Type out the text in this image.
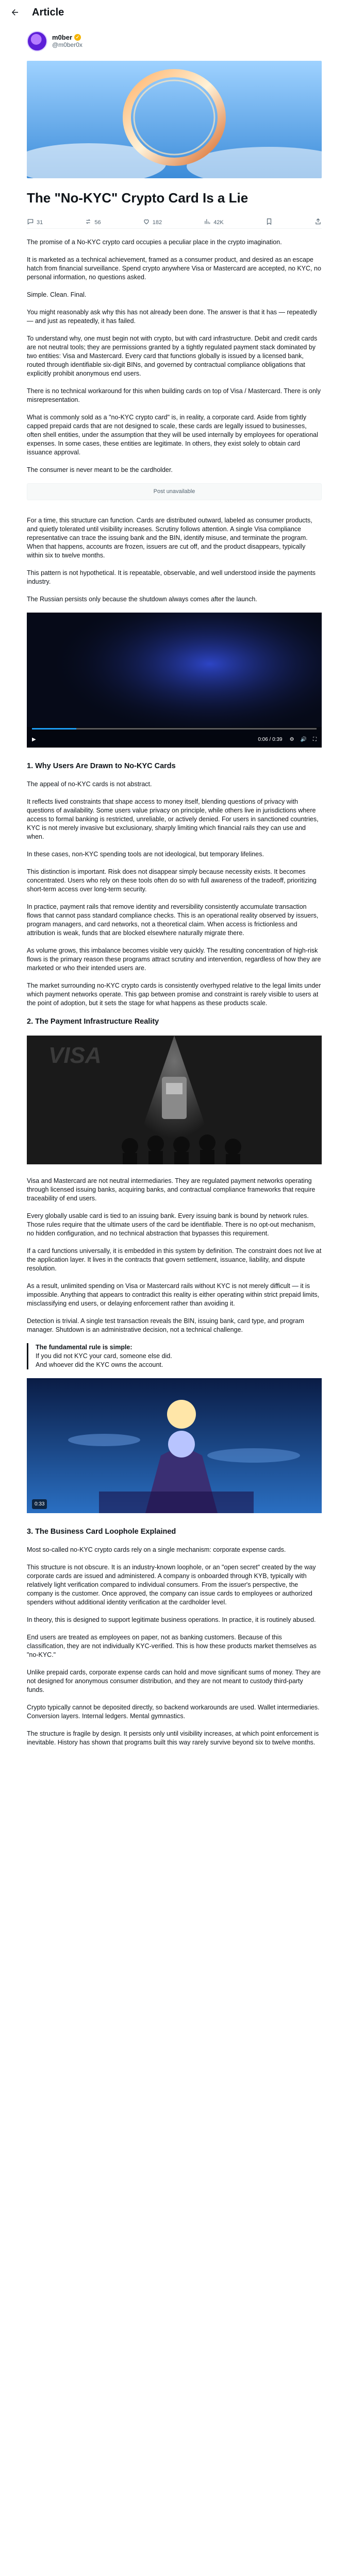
Article
m0ber ✓
@m0ber0x
The "No-KYC" Crypto Card Is a Lie
31	56	182	42K

The promise of a No-KYC crypto card occupies a peculiar place in the crypto imagination.

It is marketed as a technical achievement, framed as a consumer product, and desired as an escape hatch from financial surveillance. Spend crypto anywhere Visa or Mastercard are accepted, no KYC, no personal information, no questions asked.

Simple. Clean. Final.

You might reasonably ask why this has not already been done. The answer is that it has — repeatedly — and just as repeatedly, it has failed.

To understand why, one must begin not with crypto, but with card infrastructure. Debit and credit cards are not neutral tools; they are permissions granted by a tightly regulated payment stack dominated by two entities: Visa and Mastercard. Every card that functions globally is issued by a licensed bank, routed through identifiable six-digit BINs, and governed by contractual compliance obligations that explicitly prohibit anonymous end users.

There is no technical workaround for this when building cards on top of Visa / Mastercard. There is only misrepresentation.

What is commonly sold as a "no-KYC crypto card" is, in reality, a corporate card. Aside from tightly capped prepaid cards that are not designed to scale, these cards are legally issued to businesses, often shell entities, under the assumption that they will be used internally by employees for operational expenses. In some cases, these entities are legitimate. In others, they exist solely to obtain card issuance approval.

The consumer is never meant to be the cardholder.

Post unavailable

For a time, this structure can function. Cards are distributed outward, labeled as consumer products, and quietly tolerated until visibility increases. Scrutiny follows attention. A single Visa compliance representative can trace the issuing bank and the BIN, identify misuse, and terminate the program. When that happens, accounts are frozen, issuers are cut off, and the product disappears, typically within six to twelve months.

This pattern is not hypothetical. It is repeatable, observable, and well understood inside the payments industry.

The Russian persists only because the shutdown always comes after the launch.

▶	0:06 / 0:39 ⚙ 🔊 ⛶
1. Why Users Are Drawn to No-KYC Cards

The appeal of no-KYC cards is not abstract.

It reflects lived constraints that shape access to money itself, blending questions of privacy with questions of availability. Some users value privacy on principle, while others live in jurisdictions where access to formal banking is restricted, unreliable, or actively denied. For users in sanctioned countries, KYC is not merely invasive but exclusionary, sharply limiting which financial rails they can use and when.

In these cases, non-KYC spending tools are not ideological, but temporary lifelines.

This distinction is important. Risk does not disappear simply because necessity exists. It becomes concentrated. Users who rely on these tools often do so with full awareness of the tradeoff, prioritizing short-term access over long-term security.

In practice, payment rails that remove identity and reversibility consistently accumulate transaction flows that cannot pass standard compliance checks. This is an operational reality observed by issuers, program managers, and card networks, not a theoretical claim. When access is frictionless and attribution is weak, funds that are blocked elsewhere naturally migrate there.

As volume grows, this imbalance becomes visible very quickly. The resulting concentration of high-risk flows is the primary reason these programs attract scrutiny and intervention, regardless of how they are marketed or who their intended users are.

The market surrounding no-KYC crypto cards is consistently overhyped relative to the legal limits under which payment networks operate. This gap between promise and constraint is rarely visible to users at the point of adoption, but it sets the stage for what happens as these products scale.

2. The Payment Infrastructure Reality
VISA

Visa and Mastercard are not neutral intermediaries. They are regulated payment networks operating through licensed issuing banks, acquiring banks, and contractual compliance frameworks that require traceability of end users.

Every globally usable card is tied to an issuing bank. Every issuing bank is bound by network rules. Those rules require that the ultimate users of the card be identifiable. There is no opt-out mechanism, no hidden configuration, and no technical abstraction that bypasses this requirement.

If a card functions universally, it is embedded in this system by definition. The constraint does not live at the application layer. It lives in the contracts that govern settlement, issuance, liability, and dispute resolution.

As a result, unlimited spending on Visa or Mastercard rails without KYC is not merely difficult — it is impossible. Anything that appears to contradict this reality is either operating within strict prepaid limits, misclassifying end users, or delaying enforcement rather than avoiding it.

Detection is trivial. A single test transaction reveals the BIN, issuing bank, card type, and program manager. Shutdown is an administrative decision, not a technical challenge.

The fundamental rule is simple:
If you did not KYC your card, someone else did.
And whoever did the KYC owns the account.
0:33
3. The Business Card Loophole Explained

Most so-called no-KYC crypto cards rely on a single mechanism: corporate expense cards.

This structure is not obscure. It is an industry-known loophole, or an "open secret" created by the way corporate cards are issued and administered. A company is onboarded through KYB, typically with relatively light verification compared to individual consumers. From the issuer's perspective, the company is the customer. Once approved, the company can issue cards to employees or authorized spenders without additional identity verification at the cardholder level.

In theory, this is designed to support legitimate business operations. In practice, it is routinely abused.

End users are treated as employees on paper, not as banking customers. Because of this classification, they are not individually KYC-verified. This is how these products market themselves as "no-KYC."

Unlike prepaid cards, corporate expense cards can hold and move significant sums of money. They are not designed for anonymous consumer distribution, and they are not meant to custody third-party funds.

Crypto typically cannot be deposited directly, so backend workarounds are used. Wallet intermediaries. Conversion layers. Internal ledgers. Mental gymnastics.

The structure is fragile by design. It persists only until visibility increases, at which point enforcement is inevitable. History has shown that programs built this way rarely survive beyond six to twelve months.
